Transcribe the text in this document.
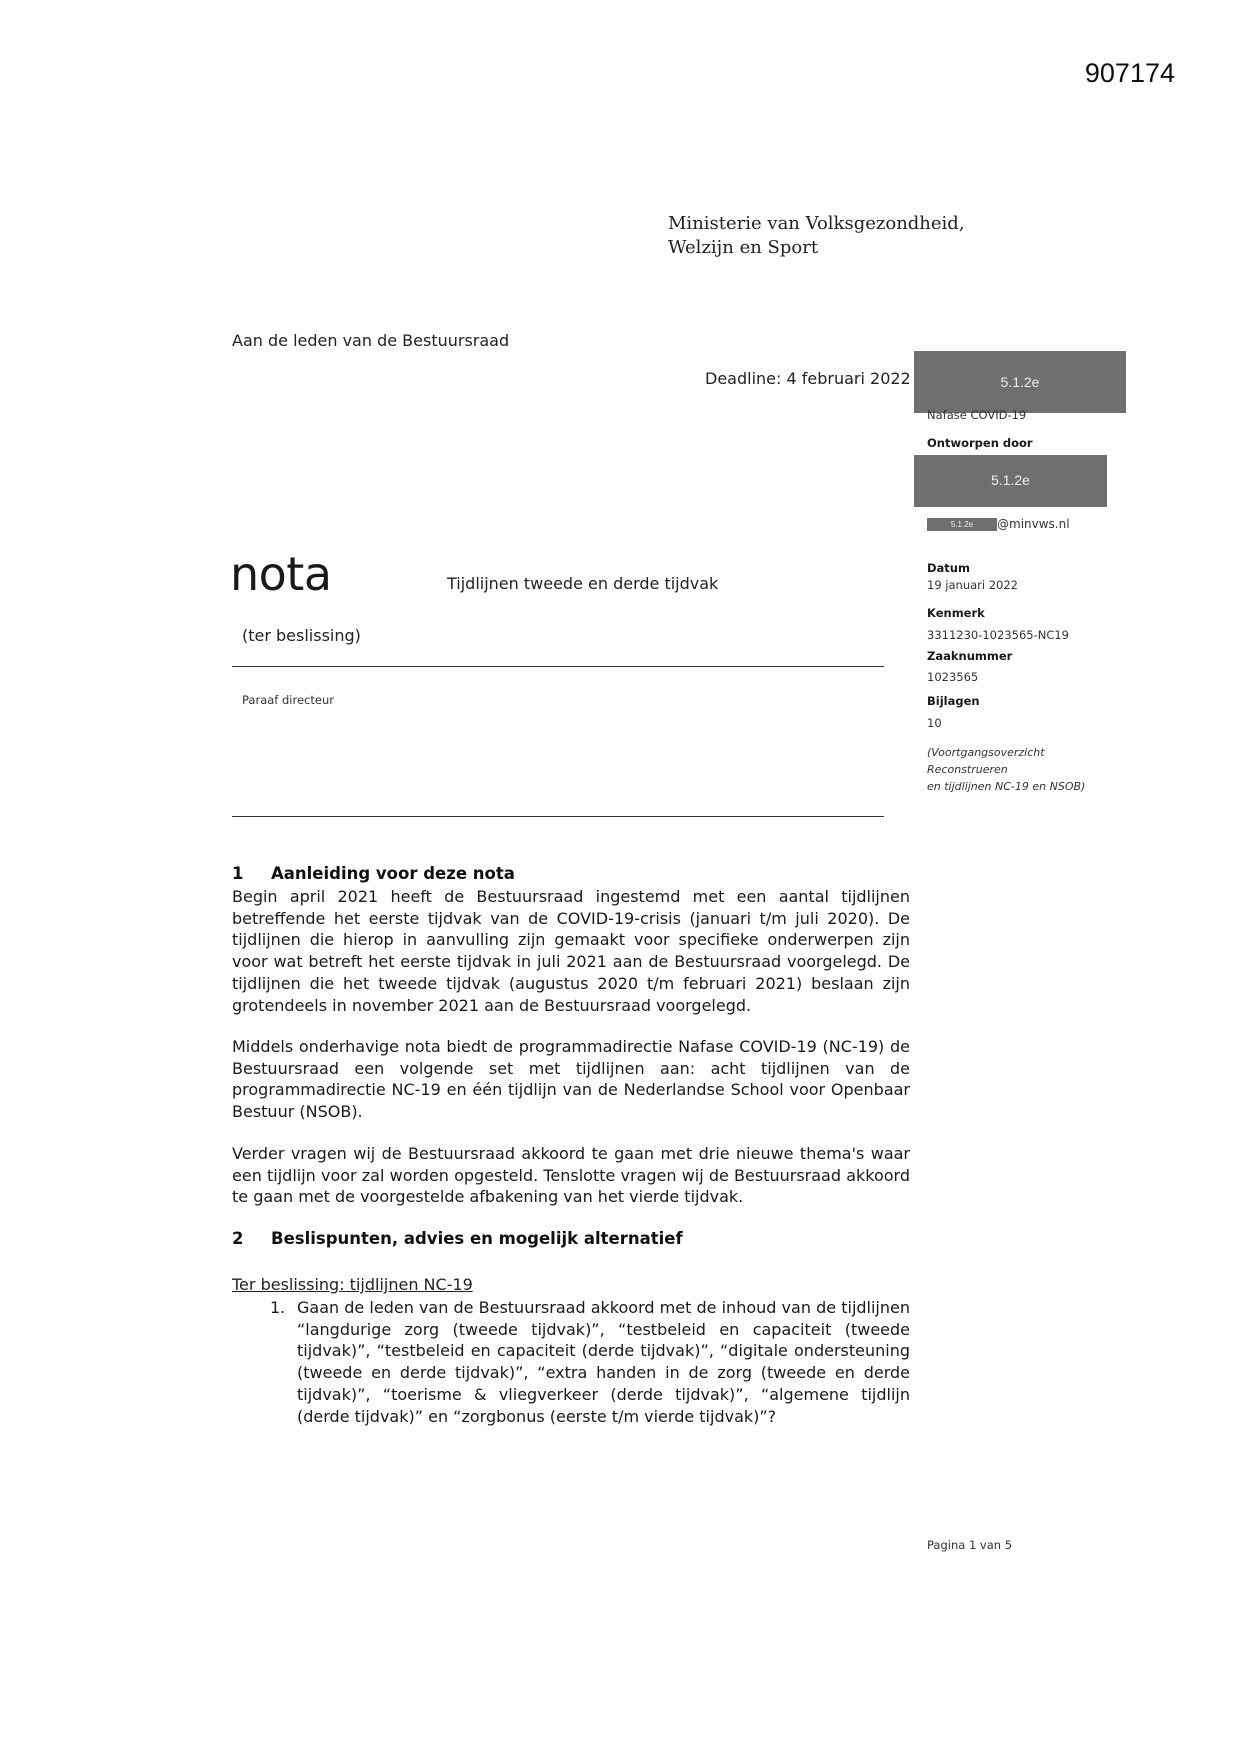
907174
Ministerie van Volksgezondheid,
Welzijn en Sport
Aan de leden van de Bestuursraad
Deadline: 4 februari 2022	5.1.2e
Nafase COVID-19
Ontworpen door
5.1.2e
5.1.2e	@minvws.nl
Datum
19 januari 2022
Kenmerk
3311230-1023565-NC19
Zaaknummer
1023565
Bijlagen
10
(Voortgangsoverzicht
Reconstrueren
en tijdlijnen NC-19 en NSOB)
nota	Tijdlijnen tweede en derde tijdvak
(ter beslissing)
Paraaf directeur
1 Aanleiding voor deze nota
Begin april 2021 heeft de Bestuursraad ingestemd met een aantal tijdlijnen betreffende het eerste tijdvak van de COVID-19-crisis (januari t/m juli 2020). De tijdlijnen die hierop in aanvulling zijn gemaakt voor specifieke onderwerpen zijn voor wat betreft het eerste tijdvak in juli 2021 aan de Bestuursraad voorgelegd. De tijdlijnen die het tweede tijdvak (augustus 2020 t/m februari 2021) beslaan zijn grotendeels in november 2021 aan de Bestuursraad voorgelegd.
Middels onderhavige nota biedt de programmadirectie Nafase COVID-19 (NC-19) de Bestuursraad een volgende set met tijdlijnen aan: acht tijdlijnen van de programmadirectie NC-19 en één tijdlijn van de Nederlandse School voor Openbaar Bestuur (NSOB).
Verder vragen wij de Bestuursraad akkoord te gaan met drie nieuwe thema's waar een tijdlijn voor zal worden opgesteld. Tenslotte vragen wij de Bestuursraad akkoord te gaan met de voorgestelde afbakening van het vierde tijdvak.
2 Beslispunten, advies en mogelijk alternatief
Ter beslissing: tijdlijnen NC-19
1. Gaan de leden van de Bestuursraad akkoord met de inhoud van de tijdlijnen “langdurige zorg (tweede tijdvak)”, “testbeleid en capaciteit (tweede tijdvak)”, “testbeleid en capaciteit (derde tijdvak)”, “digitale ondersteuning (tweede en derde tijdvak)”, “extra handen in de zorg (tweede en derde tijdvak)”, “toerisme & vliegverkeer (derde tijdvak)”, “algemene tijdlijn (derde tijdvak)” en “zorgbonus (eerste t/m vierde tijdvak)”?
Pagina 1 van 5
